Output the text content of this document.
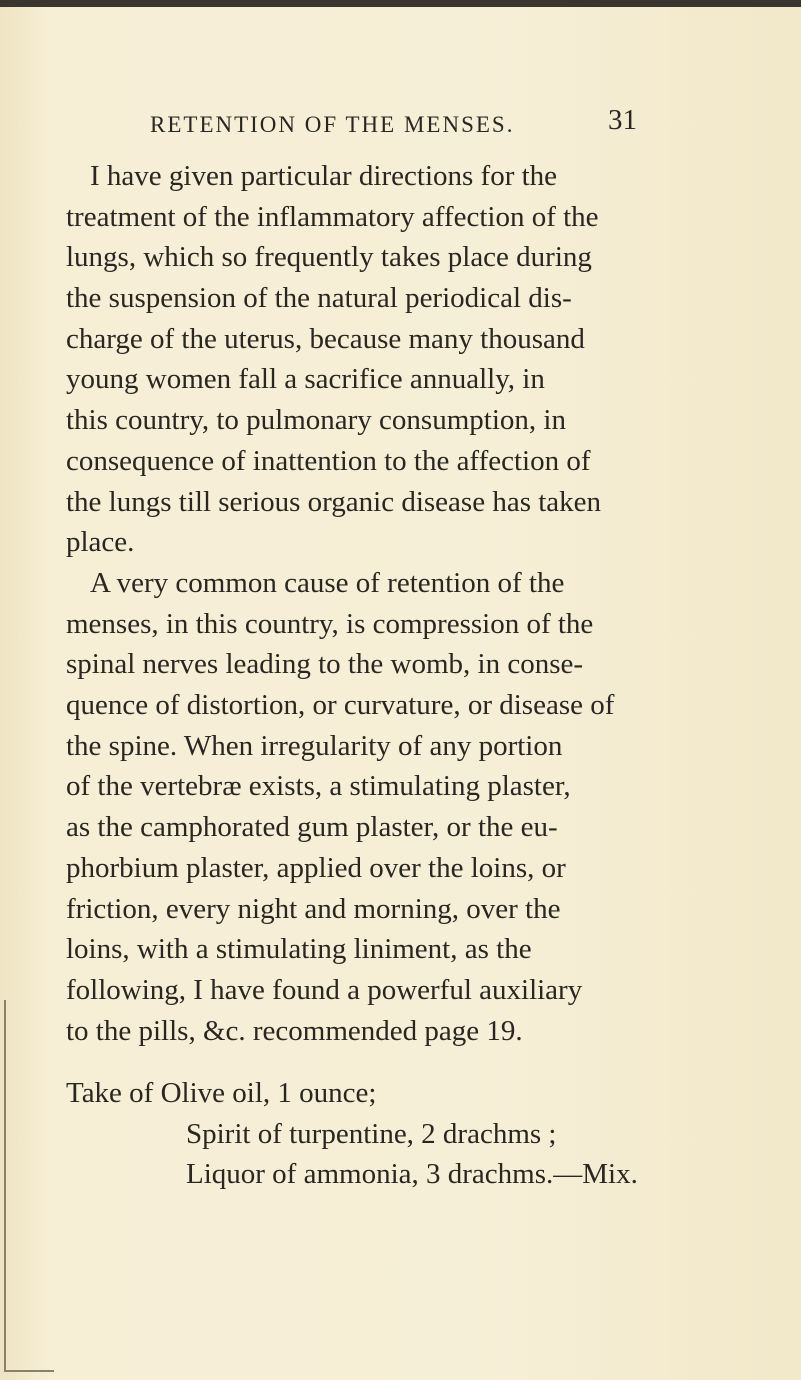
RETENTION OF THE MENSES.	31
I have given particular directions for the
treatment of the inflammatory affection of the
lungs, which so frequently takes place during
the suspension of the natural periodical dis-
charge of the uterus, because many thousand
young women fall a sacrifice annually, in
this country, to pulmonary consumption, in
consequence of inattention to the affection of
the lungs till serious organic disease has taken
place.
A very common cause of retention of the
menses, in this country, is compression of the
spinal nerves leading to the womb, in conse-
quence of distortion, or curvature, or disease of
the spine. When irregularity of any portion
of the vertebræ exists, a stimulating plaster,
as the camphorated gum plaster, or the eu-
phorbium plaster, applied over the loins, or
friction, every night and morning, over the
loins, with a stimulating liniment, as the
following, I have found a powerful auxiliary
to the pills, &c. recommended page 19.
Take of Olive oil, 1 ounce;
Spirit of turpentine, 2 drachms ;
Liquor of ammonia, 3 drachms.—Mix.
